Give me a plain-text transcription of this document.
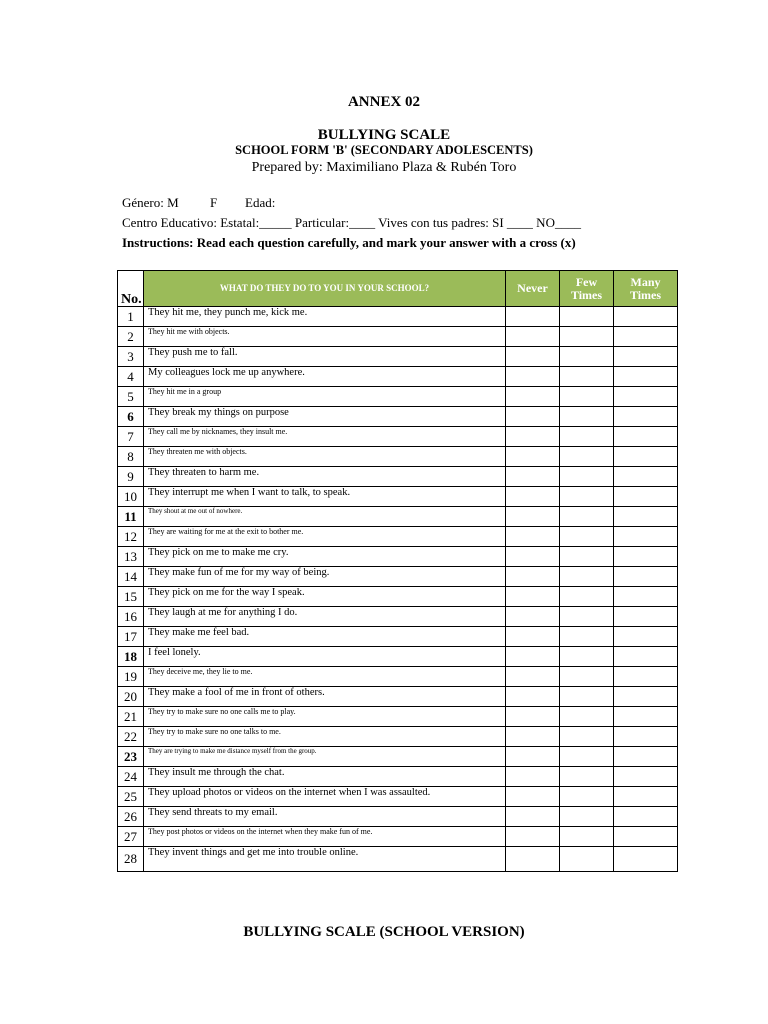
ANNEX 02
BULLYING SCALE
SCHOOL FORM 'B' (SECONDARY ADOLESCENTS)
Prepared by: Maximiliano Plaza & Rubén Toro
Género: M F Edad:
Centro Educativo: Estatal:_____ Particular:____ Vives con tus padres: SI ____ NO____
Instructions: Read each question carefully, and mark your answer with a cross (x)
No.	WHAT DO THEY DO TO YOU IN YOUR SCHOOL?	Never	Few Times	Many Times
1	They hit me, they punch me, kick me.			
2	They hit me with objects.			
3	They push me to fall.			
4	My colleagues lock me up anywhere.			
5	They hit me in a group			
6	They break my things on purpose			
7	They call me by nicknames, they insult me.			
8	They threaten me with objects.			
9	They threaten to harm me.			
10	They interrupt me when I want to talk, to speak.			
11	They shout at me out of nowhere.			
12	They are waiting for me at the exit to bother me.			
13	They pick on me to make me cry.			
14	They make fun of me for my way of being.			
15	They pick on me for the way I speak.			
16	They laugh at me for anything I do.			
17	They make me feel bad.			
18	I feel lonely.			
19	They deceive me, they lie to me.			
20	They make a fool of me in front of others.			
21	They try to make sure no one calls me to play.			
22	They try to make sure no one talks to me.			
23	They are trying to make me distance myself from the group.			
24	They insult me through the chat.			
25	They upload photos or videos on the internet when I was assaulted.			
26	They send threats to my email.			
27	They post photos or videos on the internet when they make fun of me.			
28	They invent things and get me into trouble online.			
BULLYING SCALE (SCHOOL VERSION)
